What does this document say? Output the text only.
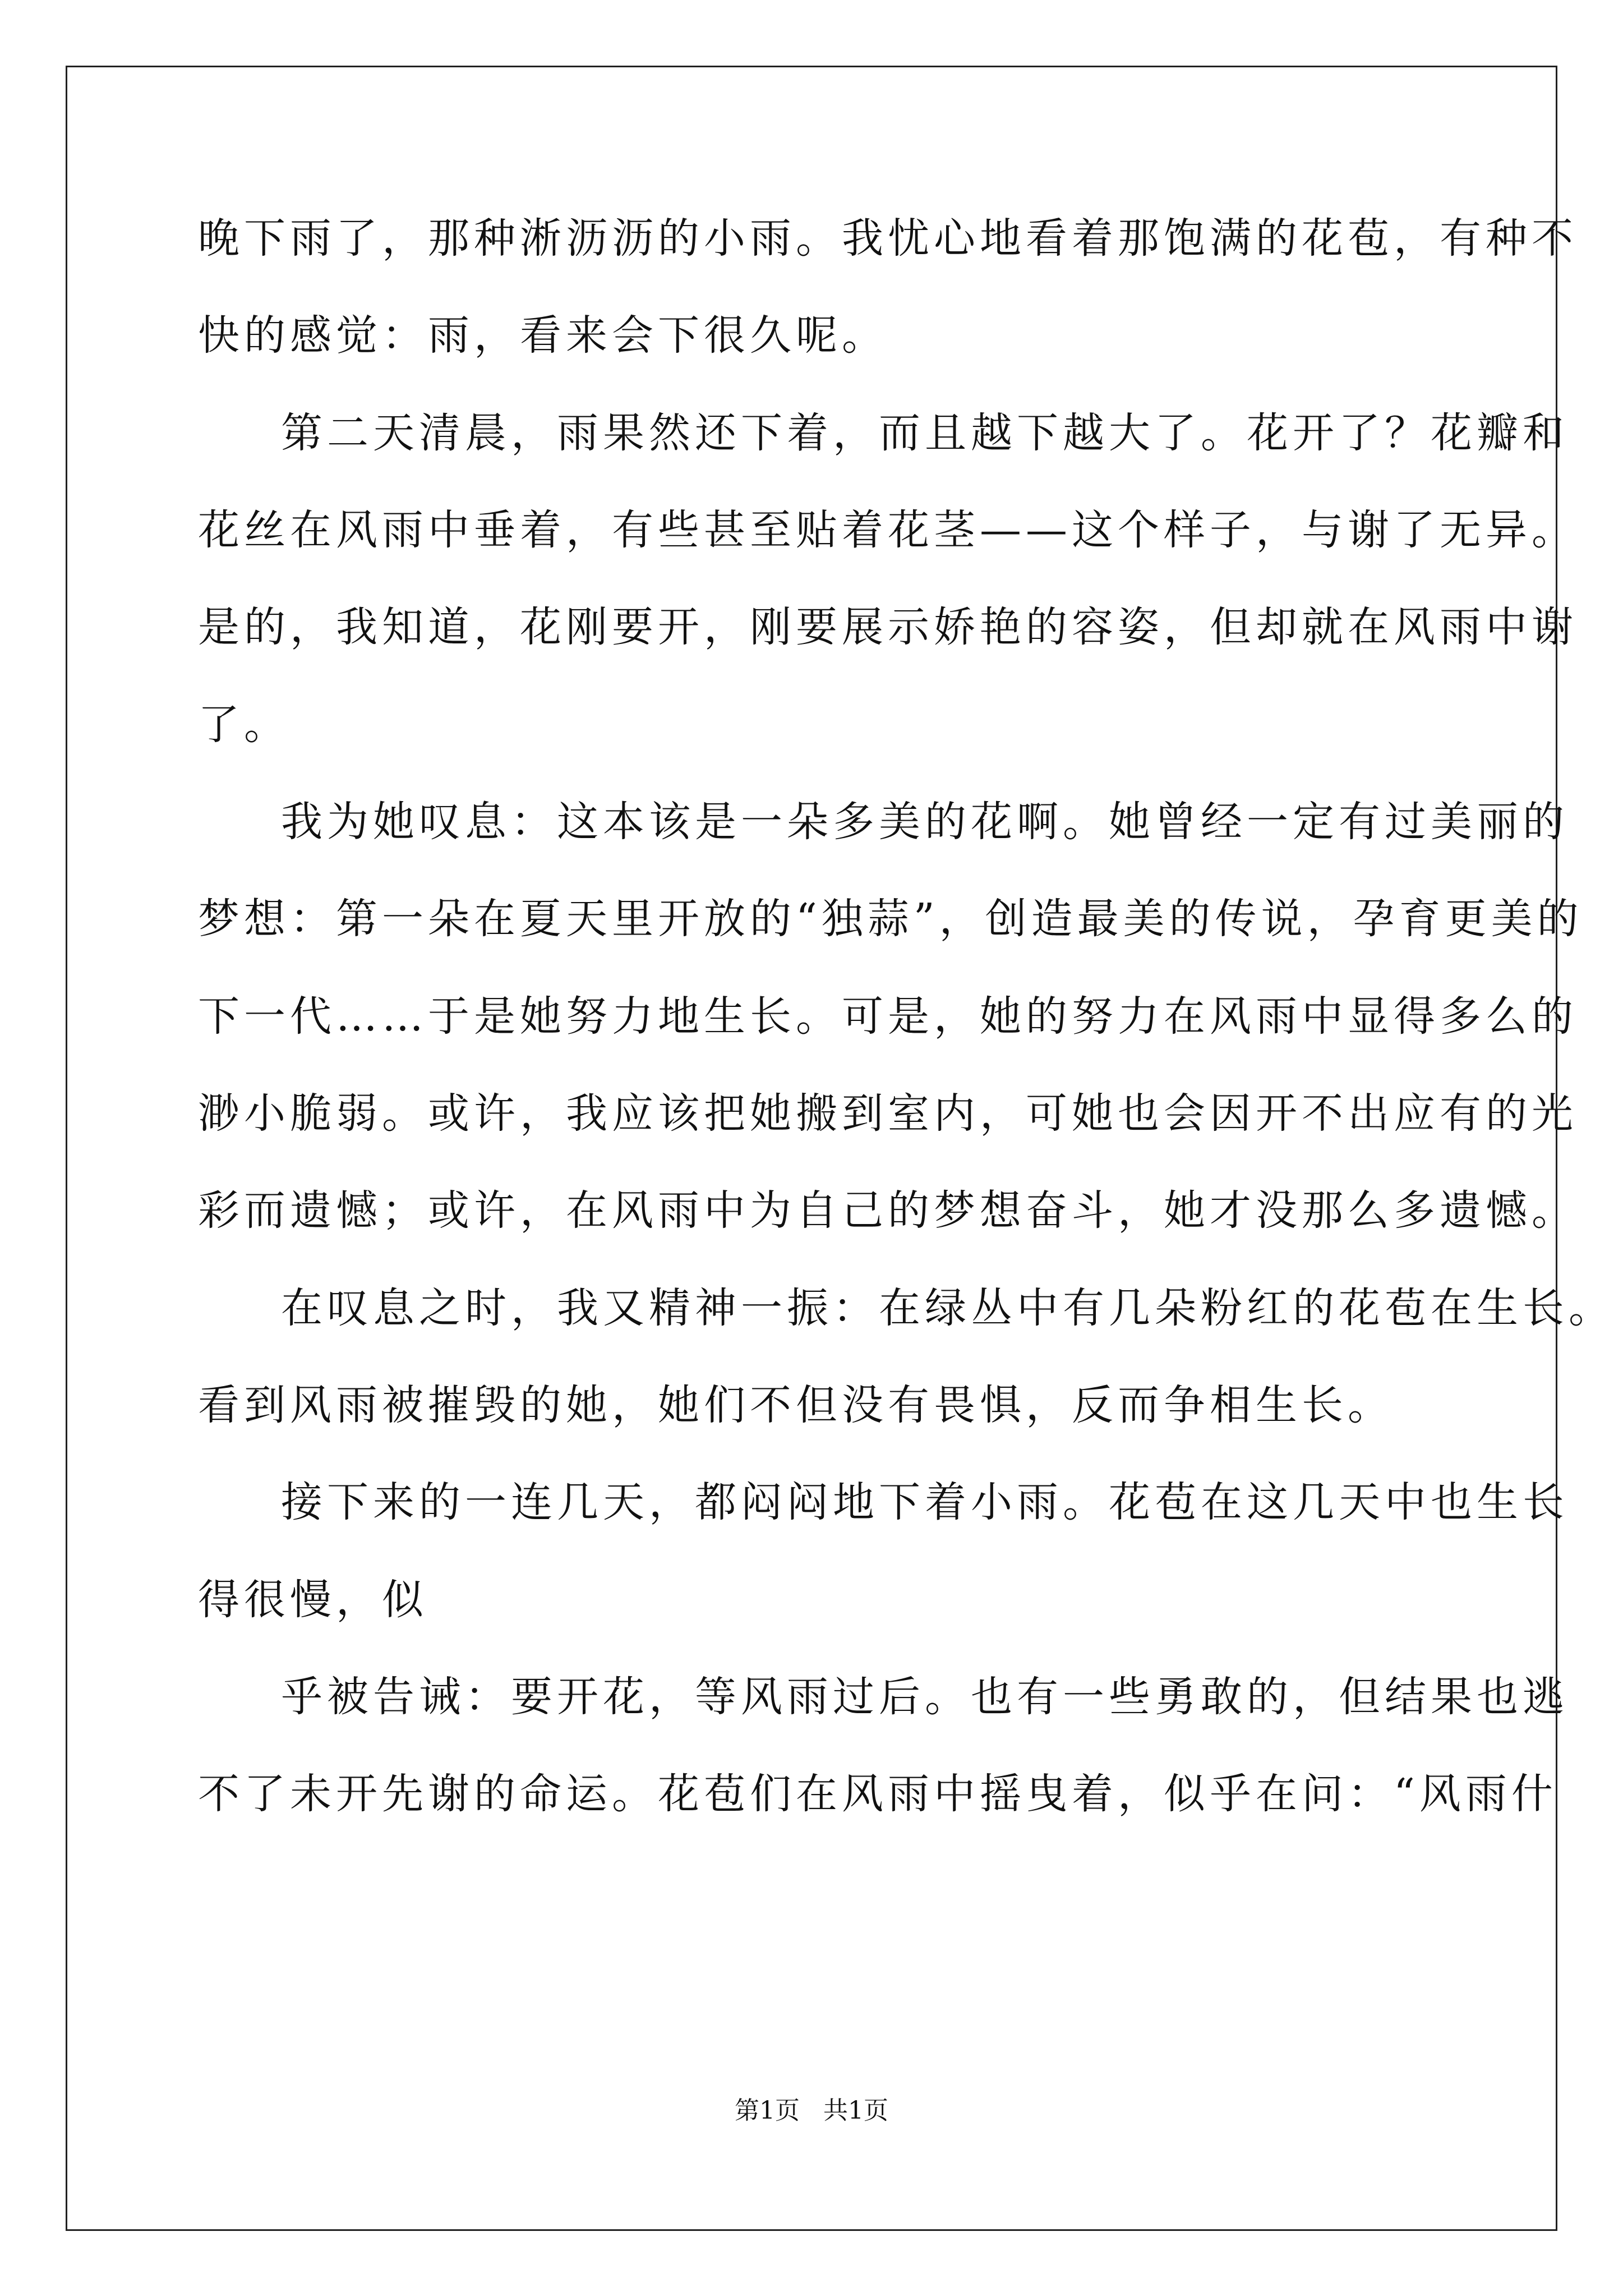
晚下雨了，那种淅沥沥的小雨。我忧心地看着那饱满的花苞，有种不
快的感觉：雨，看来会下很久呢。
第二天清晨，雨果然还下着，而且越下越大了。花开了？花瓣和
花丝在风雨中垂着，有些甚至贴着花茎——这个样子，与谢了无异。
是的，我知道，花刚要开，刚要展示娇艳的容姿，但却就在风雨中谢
了。
我为她叹息：这本该是一朵多美的花啊。她曾经一定有过美丽的
梦想：第一朵在夏天里开放的“独蒜”，创造最美的传说，孕育更美的
下一代……于是她努力地生长。可是，她的努力在风雨中显得多么的
渺小脆弱。或许，我应该把她搬到室内，可她也会因开不出应有的光
彩而遗憾；或许，在风雨中为自己的梦想奋斗，她才没那么多遗憾。
在叹息之时，我又精神一振：在绿丛中有几朵粉红的花苞在生长。
看到风雨被摧毁的她，她们不但没有畏惧，反而争相生长。
接下来的一连几天，都闷闷地下着小雨。花苞在这几天中也生长
得很慢，似
乎被告诫：要开花，等风雨过后。也有一些勇敢的，但结果也逃
不了未开先谢的命运。花苞们在风雨中摇曳着，似乎在问：“风雨什
第1页   共1页
